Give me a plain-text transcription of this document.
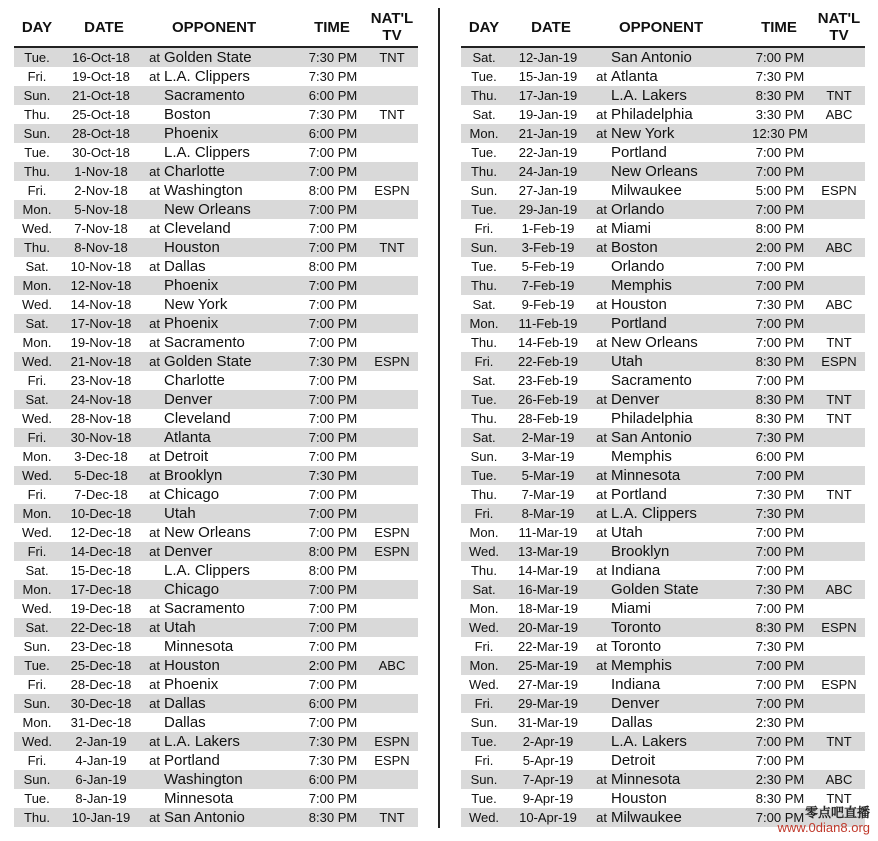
DAY	DATE	OPPONENT	TIME
NAT'L
TV
Tue.	16-Oct-18	at Golden State	7:30 PM	TNT
Fri.	19-Oct-18	at L.A. Clippers	7:30 PM
Sun.	21-Oct-18	Sacramento	6:00 PM
Thu.	25-Oct-18	Boston	7:30 PM	TNT
Sun.	28-Oct-18	Phoenix	6:00 PM
Tue.	30-Oct-18	L.A. Clippers	7:00 PM
Thu.	1-Nov-18	at Charlotte	7:00 PM
Fri.	2-Nov-18	at Washington	8:00 PM	ESPN
Mon.	5-Nov-18	New Orleans	7:00 PM
Wed.	7-Nov-18	at Cleveland	7:00 PM
Thu.	8-Nov-18	Houston	7:00 PM	TNT
Sat.	10-Nov-18	at Dallas	8:00 PM
Mon.	12-Nov-18	Phoenix	7:00 PM
Wed.	14-Nov-18	New York	7:00 PM
Sat.	17-Nov-18	at Phoenix	7:00 PM
Mon.	19-Nov-18	at Sacramento	7:00 PM
Wed.	21-Nov-18	at Golden State	7:30 PM	ESPN
Fri.	23-Nov-18	Charlotte	7:00 PM
Sat.	24-Nov-18	Denver	7:00 PM
Wed.	28-Nov-18	Cleveland	7:00 PM
Fri.	30-Nov-18	Atlanta	7:00 PM
Mon.	3-Dec-18	at Detroit	7:00 PM
Wed.	5-Dec-18	at Brooklyn	7:30 PM
Fri.	7-Dec-18	at Chicago	7:00 PM
Mon.	10-Dec-18	Utah	7:00 PM
Wed.	12-Dec-18	at New Orleans	7:00 PM	ESPN
Fri.	14-Dec-18	at Denver	8:00 PM	ESPN
Sat.	15-Dec-18	L.A. Clippers	8:00 PM
Mon.	17-Dec-18	Chicago	7:00 PM
Wed.	19-Dec-18	at Sacramento	7:00 PM
Sat.	22-Dec-18	at Utah	7:00 PM
Sun.	23-Dec-18	Minnesota	7:00 PM
Tue.	25-Dec-18	at Houston	2:00 PM	ABC
Fri.	28-Dec-18	at Phoenix	7:00 PM
Sun.	30-Dec-18	at Dallas	6:00 PM
Mon.	31-Dec-18	Dallas	7:00 PM
Wed.	2-Jan-19	at L.A. Lakers	7:30 PM	ESPN
Fri.	4-Jan-19	at Portland	7:30 PM	ESPN
Sun.	6-Jan-19	Washington	6:00 PM
Tue.	8-Jan-19	Minnesota	7:00 PM
Thu.	10-Jan-19	at San Antonio	8:30 PM	TNT
DAY	DATE	OPPONENT	TIME
NAT'L
TV
Sat.	12-Jan-19	San Antonio	7:00 PM
Tue.	15-Jan-19	at Atlanta	7:30 PM
Thu.	17-Jan-19	L.A. Lakers	8:30 PM	TNT
Sat.	19-Jan-19	at Philadelphia	3:30 PM	ABC
Mon.	21-Jan-19	at New York	12:30 PM
Tue.	22-Jan-19	Portland	7:00 PM
Thu.	24-Jan-19	New Orleans	7:00 PM
Sun.	27-Jan-19	Milwaukee	5:00 PM	ESPN
Tue.	29-Jan-19	at Orlando	7:00 PM
Fri.	1-Feb-19	at Miami	8:00 PM
Sun.	3-Feb-19	at Boston	2:00 PM	ABC
Tue.	5-Feb-19	Orlando	7:00 PM
Thu.	7-Feb-19	Memphis	7:00 PM
Sat.	9-Feb-19	at Houston	7:30 PM	ABC
Mon.	11-Feb-19	Portland	7:00 PM
Thu.	14-Feb-19	at New Orleans	7:00 PM	TNT
Fri.	22-Feb-19	Utah	8:30 PM	ESPN
Sat.	23-Feb-19	Sacramento	7:00 PM
Tue.	26-Feb-19	at Denver	8:30 PM	TNT
Thu.	28-Feb-19	Philadelphia	8:30 PM	TNT
Sat.	2-Mar-19	at San Antonio	7:30 PM
Sun.	3-Mar-19	Memphis	6:00 PM
Tue.	5-Mar-19	at Minnesota	7:00 PM
Thu.	7-Mar-19	at Portland	7:30 PM	TNT
Fri.	8-Mar-19	at L.A. Clippers	7:30 PM
Mon.	11-Mar-19	at Utah	7:00 PM
Wed.	13-Mar-19	Brooklyn	7:00 PM
Thu.	14-Mar-19	at Indiana	7:00 PM
Sat.	16-Mar-19	Golden State	7:30 PM	ABC
Mon.	18-Mar-19	Miami	7:00 PM
Wed.	20-Mar-19	Toronto	8:30 PM	ESPN
Fri.	22-Mar-19	at Toronto	7:30 PM
Mon.	25-Mar-19	at Memphis	7:00 PM
Wed.	27-Mar-19	Indiana	7:00 PM	ESPN
Fri.	29-Mar-19	Denver	7:00 PM
Sun.	31-Mar-19	Dallas	2:30 PM
Tue.	2-Apr-19	L.A. Lakers	7:00 PM	TNT
Fri.	5-Apr-19	Detroit	7:00 PM
Sun.	7-Apr-19	at Minnesota	2:30 PM	ABC
Tue.	9-Apr-19	Houston	8:30 PM	TNT
Wed.	10-Apr-19	at Milwaukee	7:00 PM 零点吧直播
www.0dian8.org
